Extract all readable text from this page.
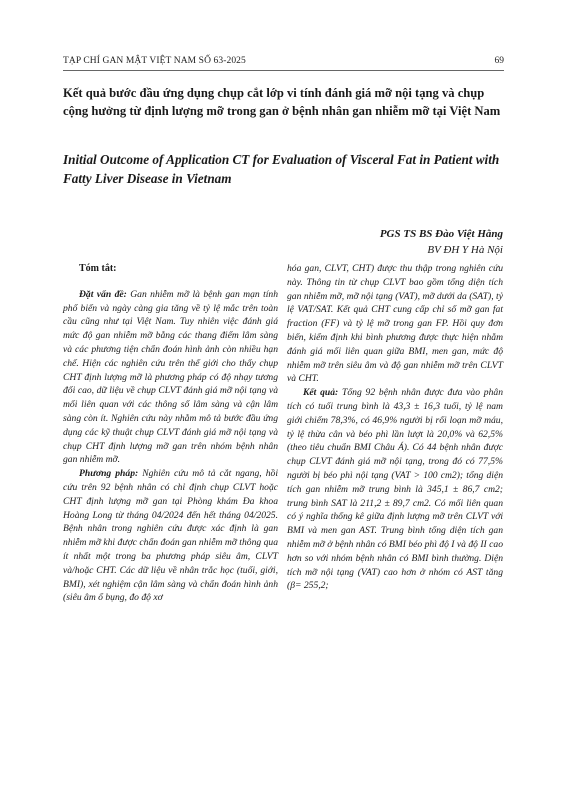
TẠP CHÍ GAN MẬT VIỆT NAM SỐ 63-2025	69
Kết quả bước đầu ứng dụng chụp cắt lớp vi tính đánh giá mỡ nội tạng và chụp cộng hưởng từ định lượng mỡ trong gan ở bệnh nhân gan nhiễm mỡ tại Việt Nam
Initial Outcome of Application CT for Evaluation of Visceral Fat in Patient with Fatty Liver Disease in Vietnam
PGS TS BS Đào Việt Hằng
BV ĐH Y Hà Nội

Tóm tắt:

Đặt vấn đề: Gan nhiễm mỡ là bệnh gan mạn tính phổ biến và ngày càng gia tăng về tỷ lệ mắc trên toàn cầu cũng như tại Việt Nam. Tuy nhiên việc đánh giá mức độ gan nhiễm mỡ bằng các thang điểm lâm sàng và các phương tiện chẩn đoán hình ảnh còn nhiều hạn chế. Hiện các nghiên cứu trên thế giới cho thấy chụp CHT định lượng mỡ là phương pháp có độ nhạy tương đối cao, dữ liệu về chụp CLVT đánh giá mỡ nội tạng và mối liên quan với các thông số lâm sàng và cận lâm sàng còn ít. Nghiên cứu này nhằm mô tả bước đầu ứng dụng các kỹ thuật chụp CLVT đánh giá mỡ nội tạng và chụp CHT định lượng mỡ gan trên nhóm bệnh nhân gan nhiễm mỡ.

Phương pháp: Nghiên cứu mô tả cắt ngang, hồi cứu trên 92 bệnh nhân có chỉ định chụp CLVT hoặc CHT định lượng mỡ gan tại Phòng khám Đa khoa Hoàng Long từ tháng 04/2024 đến hết tháng 04/2025. Bệnh nhân trong nghiên cứu được xác định là gan nhiễm mỡ khi được chẩn đoán gan nhiễm mỡ thông qua ít nhất một trong ba phương pháp siêu âm, CLVT và/hoặc CHT. Các dữ liệu về nhân trắc học (tuổi, giới, BMI), xét nghiệm cận lâm sàng và chẩn đoán hình ảnh (siêu âm ổ bụng, đo độ xơ

hóa gan, CLVT, CHT) được thu thập trong nghiên cứu này. Thông tin từ chụp CLVT bao gồm tổng diện tích gan nhiễm mỡ, mỡ nội tạng (VAT), mỡ dưới da (SAT), tỷ lệ VAT/SAT. Kết quả CHT cung cấp chỉ số mỡ gan fat fraction (FF) và tỷ lệ mỡ trong gan FP. Hồi quy đơn biến, kiểm định khi bình phương được thực hiện nhằm đánh giá mối liên quan giữa BMI, men gan, mức độ nhiễm mỡ trên siêu âm và độ gan nhiễm mỡ trên CLVT và CHT.

Kết quả: Tổng 92 bệnh nhân được đưa vào phân tích có tuổi trung bình là 43,3 ± 16,3 tuổi, tỷ lệ nam giới chiếm 78,3%, có 46,9% người bị rối loạn mỡ máu, tỷ lệ thừa cân và béo phì lần lượt là 20,0% và 62,5% (theo tiêu chuẩn BMI Châu Á). Có 44 bệnh nhân được chụp CLVT đánh giá mỡ nội tạng, trong đó có 77,5% người bị béo phì nội tạng (VAT > 100 cm2); tổng diện tích gan nhiễm mỡ trung bình là 345,1 ± 86,7 cm2; trung bình SAT là 211,2 ± 89,7 cm2. Có mối liên quan có ý nghĩa thống kê giữa định lượng mỡ trên CLVT với BMI và men gan AST. Trung bình tổng diện tích gan nhiễm mỡ ở bệnh nhân có BMI béo phì độ I và độ II cao hơn so với nhóm bệnh nhân có BMI bình thường. Diện tích mỡ nội tạng (VAT) cao hơn ở nhóm có AST tăng (β= 255,2;
